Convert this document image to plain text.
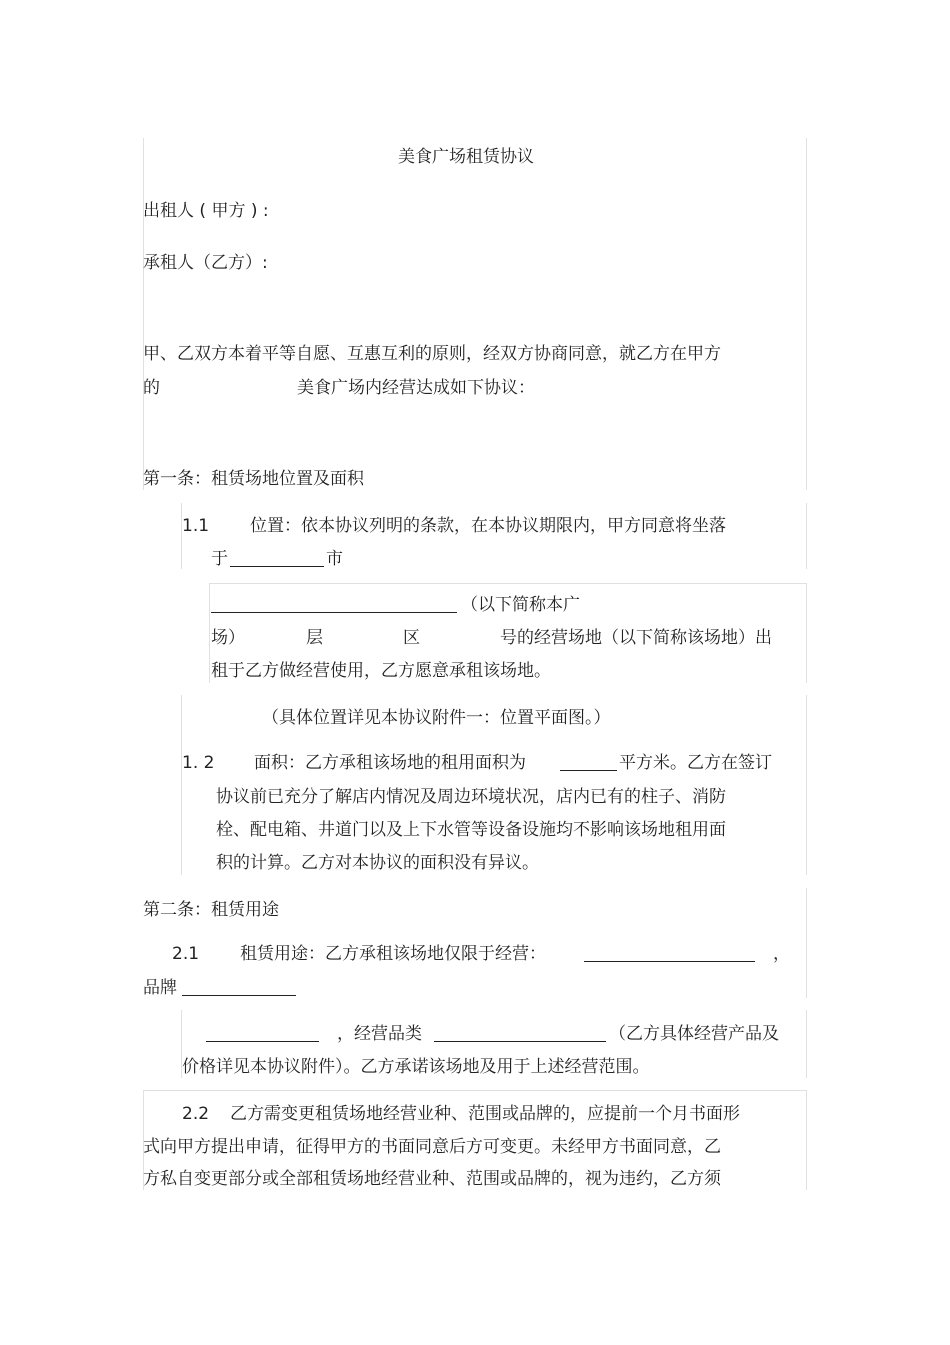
美食广场租赁协议
出租人 ( 甲方 ) :
承租人（乙方）:
甲、乙双方本着平等自愿、互惠互利的原则，经双方协商同意，就乙方在甲方
的	美食广场内经营达成如下协议：
第一条：租赁场地位置及面积
1.1 位置：依本协议列明的条款，在本协议期限内，甲方同意将坐落
于	市
（以下简称本广
场）	层	区	号的经营场地（以下简称该场地）出
租于乙方做经营使用，乙方愿意承租该场地。
（具体位置详见本协议附件一：位置平面图。）
1. 2 面积：乙方承租该场地的租用面积为	平方米。乙方在签订
协议前已充分了解店内情况及周边环境状况，店内已有的柱子、消防
栓、配电箱、井道门以及上下水管等设备设施均不影响该场地租用面
积的计算。乙方对本协议的面积没有异议。
第二条：租赁用途
2.1 租赁用途：乙方承租该场地仅限于经营：	，
品牌
，经营品类	（乙方具体经营产品及
价格详见本协议附件）。乙方承诺该场地及用于上述经营范围。
2.2 乙方需变更租赁场地经营业种、范围或品牌的，应提前一个月书面形
式向甲方提出申请，征得甲方的书面同意后方可变更。未经甲方书面同意，乙
方私自变更部分或全部租赁场地经营业种、范围或品牌的，视为违约，乙方须
